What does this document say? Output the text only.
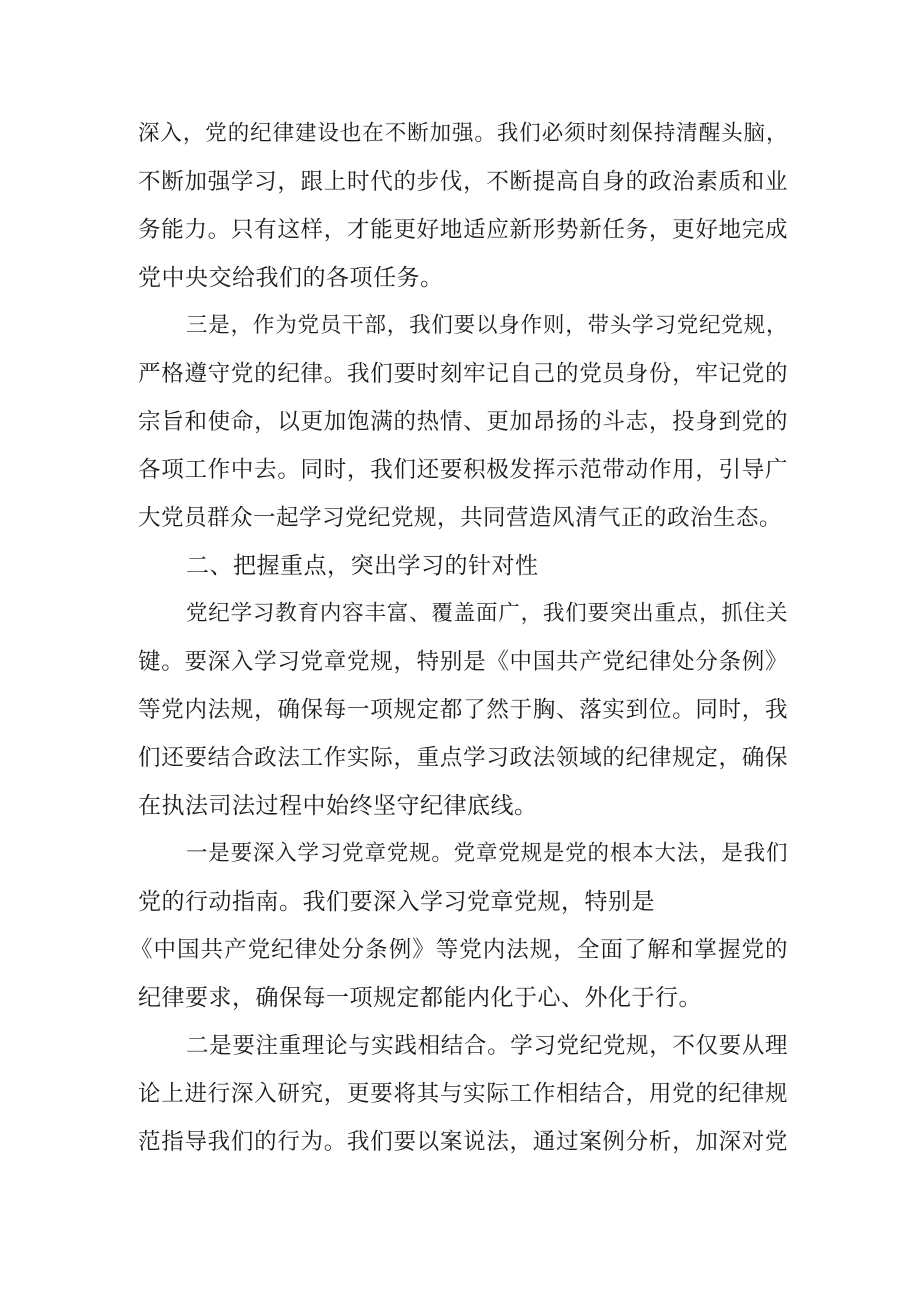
深入，党的纪律建设也在不断加强。我们必须时刻保持清醒头脑，
不断加强学习，跟上时代的步伐，不断提高自身的政治素质和业
务能力。只有这样，才能更好地适应新形势新任务，更好地完成
党中央交给我们的各项任务。
三是，作为党员干部，我们要以身作则，带头学习党纪党规，
严格遵守党的纪律。我们要时刻牢记自己的党员身份，牢记党的
宗旨和使命，以更加饱满的热情、更加昂扬的斗志，投身到党的
各项工作中去。同时，我们还要积极发挥示范带动作用，引导广
大党员群众一起学习党纪党规，共同营造风清气正的政治生态。
二、把握重点，突出学习的针对性
党纪学习教育内容丰富、覆盖面广，我们要突出重点，抓住关
键。要深入学习党章党规，特别是《中国共产党纪律处分条例》
等党内法规，确保每一项规定都了然于胸、落实到位。同时，我
们还要结合政法工作实际，重点学习政法领域的纪律规定，确保
在执法司法过程中始终坚守纪律底线。
一是要深入学习党章党规。党章党规是党的根本大法，是我们
党的行动指南。我们要深入学习党章党规，特别是
《中国共产党纪律处分条例》等党内法规，全面了解和掌握党的
纪律要求，确保每一项规定都能内化于心、外化于行。
二是要注重理论与实践相结合。学习党纪党规，不仅要从理
论上进行深入研究，更要将其与实际工作相结合，用党的纪律规
范指导我们的行为。我们要以案说法，通过案例分析，加深对党
